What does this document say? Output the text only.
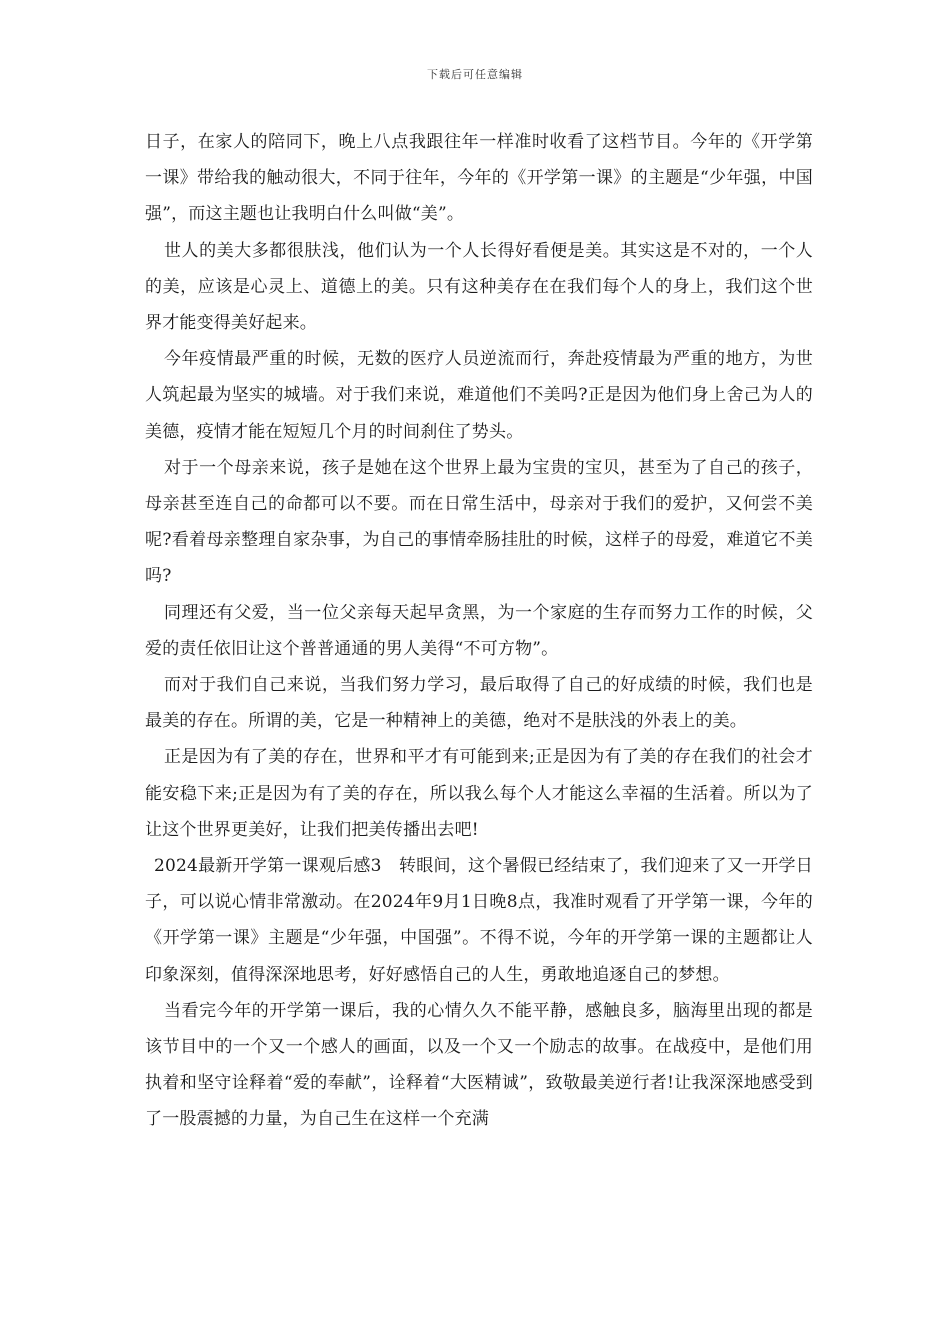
下载后可任意编辑

日子，在家人的陪同下，晚上八点我跟往年一样准时收看了这档节目。今年的《开学第一课》带给我的触动很大，不同于往年，今年的《开学第一课》的主题是“少年强，中国强”，而这主题也让我明白什么叫做“美”。

世人的美大多都很肤浅，他们认为一个人长得好看便是美。其实这是不对的，一个人的美，应该是心灵上、道德上的美。只有这种美存在在我们每个人的身上，我们这个世界才能变得美好起来。

今年疫情最严重的时候，无数的医疗人员逆流而行，奔赴疫情最为严重的地方，为世人筑起最为坚实的城墙。对于我们来说，难道他们不美吗?正是因为他们身上舍己为人的美德，疫情才能在短短几个月的时间刹住了势头。

对于一个母亲来说，孩子是她在这个世界上最为宝贵的宝贝，甚至为了自己的孩子，母亲甚至连自己的命都可以不要。而在日常生活中，母亲对于我们的爱护，又何尝不美呢?看着母亲整理自家杂事，为自己的事情牵肠挂肚的时候，这样子的母爱，难道它不美吗?

同理还有父爱，当一位父亲每天起早贪黑，为一个家庭的生存而努力工作的时候，父爱的责任依旧让这个普普通通的男人美得“不可方物”。

而对于我们自己来说，当我们努力学习，最后取得了自己的好成绩的时候，我们也是最美的存在。所谓的美，它是一种精神上的美德，绝对不是肤浅的外表上的美。

正是因为有了美的存在，世界和平才有可能到来;正是因为有了美的存在我们的社会才能安稳下来;正是因为有了美的存在，所以我么每个人才能这么幸福的生活着。所以为了让这个世界更美好，让我们把美传播出去吧!

2024最新开学第一课观后感3　转眼间，这个暑假已经结束了，我们迎来了又一开学日子，可以说心情非常激动。在2024年9月1日晚8点，我准时观看了开学第一课，今年的《开学第一课》主题是“少年强，中国强”。不得不说，今年的开学第一课的主题都让人印象深刻，值得深深地思考，好好感悟自己的人生，勇敢地追逐自己的梦想。

当看完今年的开学第一课后，我的心情久久不能平静，感触良多，脑海里出现的都是该节目中的一个又一个感人的画面，以及一个又一个励志的故事。在战疫中，是他们用执着和坚守诠释着“爱的奉献”，诠释着“大医精诚”，致敬最美逆行者!让我深深地感受到了一股震撼的力量，为自己生在这样一个充满
